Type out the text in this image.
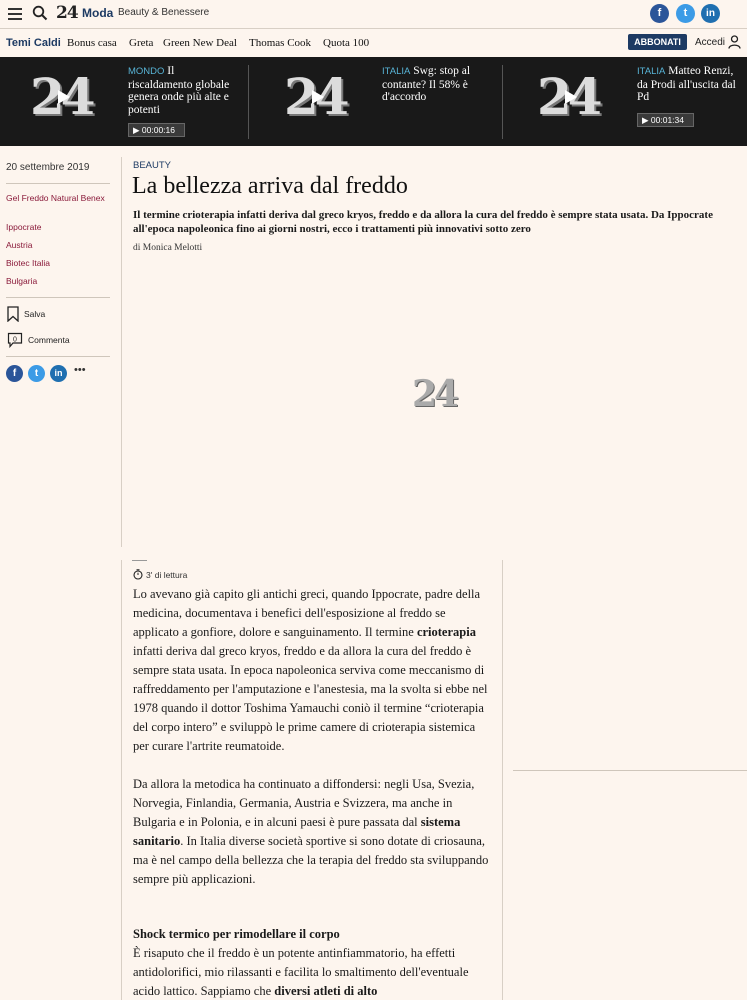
24 Moda Beauty & Benessere	f	t	in
Temi Caldi Bonus casa Greta Green New Deal Thomas Cook Quota 100	ABBONATI	Accedi
24	MONDO Il riscaldamento globale genera onde più alte e potenti
▶ 00:00:16
24	ITALIA Swg: stop al contante? Il 58% è d'accordo	24	ITALIA Matteo Renzi, da Prodi all'uscita dal Pd
▶ 00:01:34
20 settembre 2019
Gel Freddo Natural Benex
Ippocrate
Austria
Biotec Italia
Bulgaria
Salva
0 Commenta
f	t	in	•••
BEAUTY
La bellezza arriva dal freddo
Il termine crioterapia infatti deriva dal greco kryos, freddo e da allora la cura del freddo è sempre stata usata. Da Ippocrate all'epoca napoleonica fino ai giorni nostri, ecco i trattamenti più innovativi sotto zero
di Monica Melotti
24
3' di lettura

Lo avevano già capito gli antichi greci, quando Ippocrate, padre della medicina, documentava i benefici dell'esposizione al freddo se applicato a gonfiore, dolore e sanguinamento. Il termine crioterapia infatti deriva dal greco kryos, freddo e da allora la cura del freddo è sempre stata usata. In epoca napoleonica serviva come meccanismo di raffreddamento per l'amputazione e l'anestesia, ma la svolta si ebbe nel 1978 quando il dottor Toshima Yamauchi coniò il termine “crioterapia del corpo intero” e sviluppò le prime camere di crioterapia sistemica per curare l'artrite reumatoide.

Da allora la metodica ha continuato a diffondersi: negli Usa, Svezia, Norvegia, Finlandia, Germania, Austria e Svizzera, ma anche in Bulgaria e in Polonia, e in alcuni paesi è pure passata dal sistema sanitario. In Italia diverse società sportive si sono dotate di criosauna, ma è nel campo della bellezza che la terapia del freddo sta sviluppando sempre più applicazioni.

Shock termico per rimodellare il corpo
È risaputo che il freddo è un potente antinfiammatorio, ha effetti antidolorifici, mio rilassanti e facilita lo smaltimento dell'eventuale acido lattico. Sappiamo che diversi atleti di alto
